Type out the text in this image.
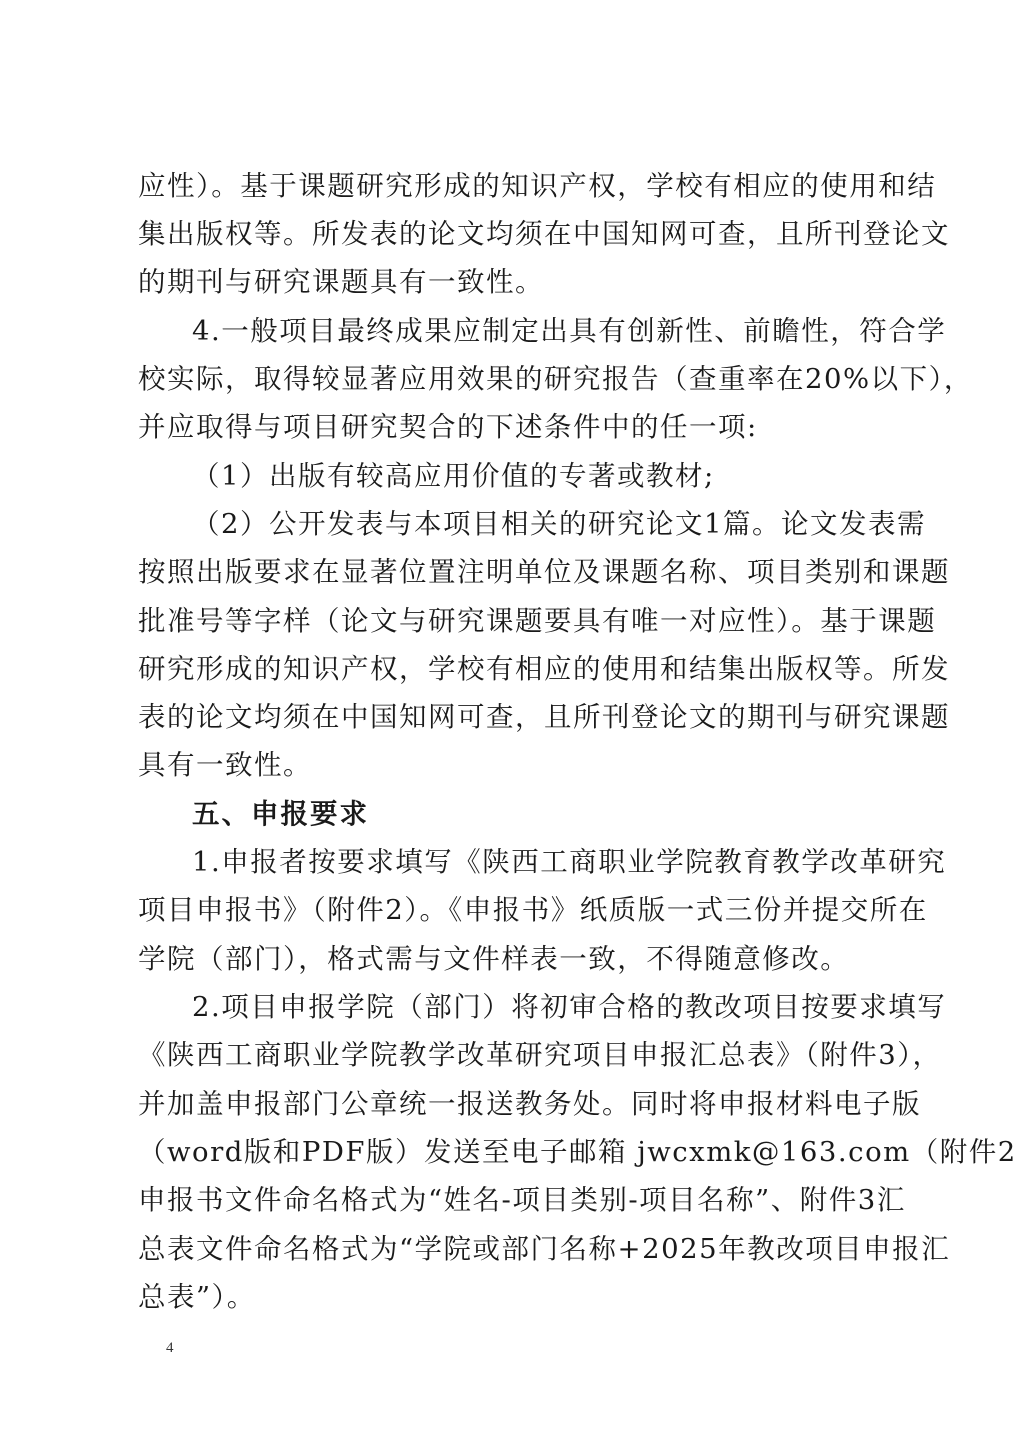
应性）。基于课题研究形成的知识产权，学校有相应的使用和结
集出版权等。所发表的论文均须在中国知网可查，且所刊登论文
的期刊与研究课题具有一致性。
4.一般项目最终成果应制定出具有创新性、前瞻性，符合学
校实际，取得较显著应用效果的研究报告（查重率在20%以下），
并应取得与项目研究契合的下述条件中的任一项:
（1）出版有较高应用价值的专著或教材;
（2）公开发表与本项目相关的研究论文1篇。论文发表需
按照出版要求在显著位置注明单位及课题名称、项目类别和课题
批准号等字样（论文与研究课题要具有唯一对应性）。基于课题
研究形成的知识产权，学校有相应的使用和结集出版权等。所发
表的论文均须在中国知网可查，且所刊登论文的期刊与研究课题
具有一致性。
五、申报要求
1.申报者按要求填写《陕西工商职业学院教育教学改革研究
项目申报书》（附件2）。《申报书》纸质版一式三份并提交所在
学院（部门），格式需与文件样表一致，不得随意修改。
2.项目申报学院（部门）将初审合格的教改项目按要求填写
《陕西工商职业学院教学改革研究项目申报汇总表》（附件3），
并加盖申报部门公章统一报送教务处。同时将申报材料电子版
（word版和PDF版）发送至电子邮箱 jwcxmk@163.com（附件2
申报书文件命名格式为“姓名-项目类别-项目名称”、附件3汇
总表文件命名格式为“学院或部门名称+2025年教改项目申报汇
总表”）。
4
